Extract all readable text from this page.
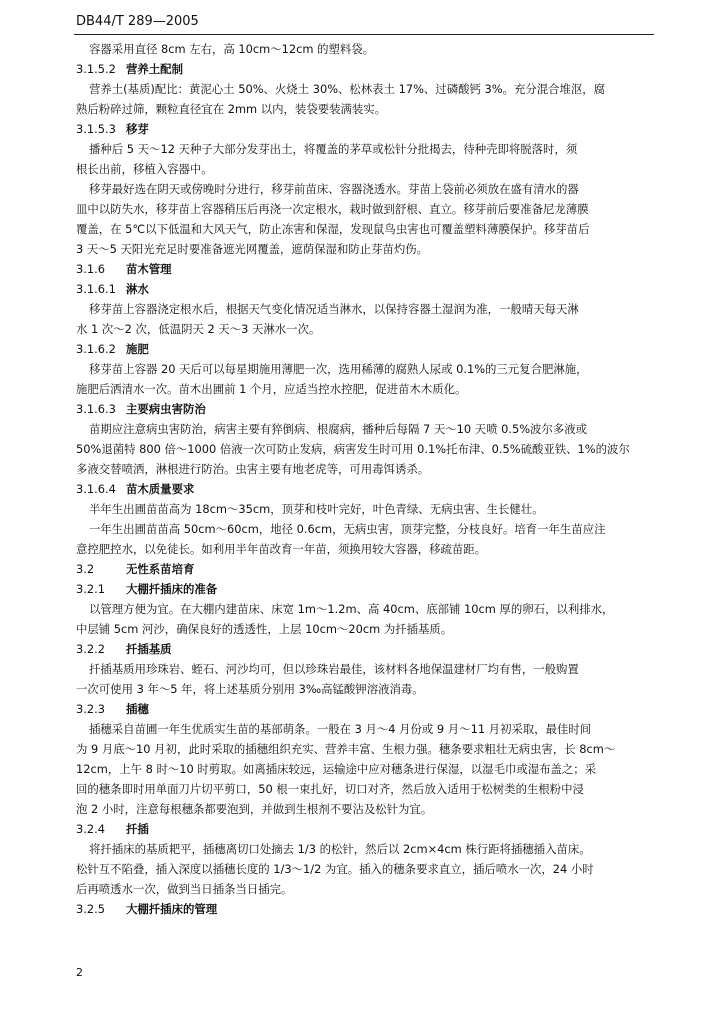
DB44/T 289—2005
容器采用直径 8cm 左右，高 10cm～12cm 的塑料袋。
3.1.5.2 营养土配制
营养土(基质)配比：黄泥心土 50%、火烧土 30%、松林表土 17%、过磷酸钙 3%。充分混合堆沤，腐
熟后粉碎过筛，颗粒直径宜在 2mm 以内，装袋要装满装实。
3.1.5.3 移芽
播种后 5 天～12 天种子大部分发芽出土，将覆盖的茅草或松针分批揭去，待种壳即将脱落时，须
根长出前，移植入容器中。
移芽最好选在阴天或傍晚时分进行，移芽前苗床、容器浇透水。芽苗上袋前必须放在盛有清水的器
皿中以防失水，移芽苗上容器稍压后再浇一次定根水，栽时做到舒根、直立。移芽前后要准备尼龙薄膜
覆盖，在 5℃以下低温和大风天气，防止冻害和保湿，发现鼠鸟虫害也可覆盖塑料薄膜保护。移芽苗后
3 天～5 天阳光充足时要准备遮光网覆盖，遮荫保湿和防止芽苗灼伤。
3.1.6 苗木管理
3.1.6.1 淋水
移芽苗上容器浇定根水后，根据天气变化情况适当淋水，以保持容器土湿润为准，一般晴天每天淋
水 1 次～2 次，低温阴天 2 天～3 天淋水一次。
3.1.6.2 施肥
移芽苗上容器 20 天后可以每星期施用薄肥一次，选用稀薄的腐熟人尿或 0.1%的三元复合肥淋施，
施肥后洒清水一次。苗木出圃前 1 个月，应适当控水控肥，促进苗木木质化。
3.1.6.3 主要病虫害防治
苗期应注意病虫害防治，病害主要有猝倒病、根腐病，播种后每隔 7 天～10 天喷 0.5%波尔多液或
50%退菌特 800 倍～1000 倍液一次可防止发病，病害发生时可用 0.1%托布津、0.5%硫酸亚铁、1%的波尔
多液交替喷洒，淋根进行防治。虫害主要有地老虎等，可用毒饵诱杀。
3.1.6.4 苗木质量要求
半年生出圃苗苗高为 18cm～35cm，顶芽和枝叶完好，叶色青绿、无病虫害、生长健壮。
一年生出圃苗苗高 50cm～60cm，地径 0.6cm，无病虫害，顶芽完整，分枝良好。培育一年生苗应注
意控肥控水，以免徒长。如利用半年苗改育一年苗，须换用较大容器，移疏苗距。
3.2	无性系苗培育
3.2.1 大棚扦插床的准备
以管理方便为宜。在大棚内建苗床、床宽 1m～1.2m、高 40cm、底部铺 10cm 厚的卵石，以利排水，
中层铺 5cm 河沙，确保良好的透透性，上层 10cm～20cm 为扦插基质。
3.2.2 扦插基质
扦插基质用珍珠岩、蛭石、河沙均可，但以珍珠岩最佳，该材料各地保温建材厂均有售，一般购置
一次可使用 3 年～5 年，将上述基质分别用 3‰高锰酸钾溶液消毒。
3.2.3 插穗
插穗采自苗圃一年生优质实生苗的基部萌条。一般在 3 月～4 月份或 9 月～11 月初采取，最佳时间
为 9 月底～10 月初，此时采取的插穗组织充实、营养丰富、生根力强。穗条要求粗壮无病虫害，长 8cm～
12cm，上午 8 时～10 时剪取。如离插床较远，运输途中应对穗条进行保湿，以湿毛巾或湿布盖之；采
回的穗条即时用单面刀片切平剪口，50 根一束扎好，切口对齐，然后放入适用于松树类的生根粉中浸
泡 2 小时，注意每根穗条都要泡到，并做到生根剂不要沾及松针为宜。
3.2.4 扦插
将扦插床的基质耙平，插穗离切口处摘去 1/3 的松针，然后以 2cm×4cm 株行距将插穗插入苗床。
松针互不陷叠，插入深度以插穗长度的 1/3～1/2 为宜。插入的穗条要求直立，插后喷水一次，24 小时
后再喷透水一次，做到当日插条当日插完。
3.2.5 大棚扦插床的管理
2
